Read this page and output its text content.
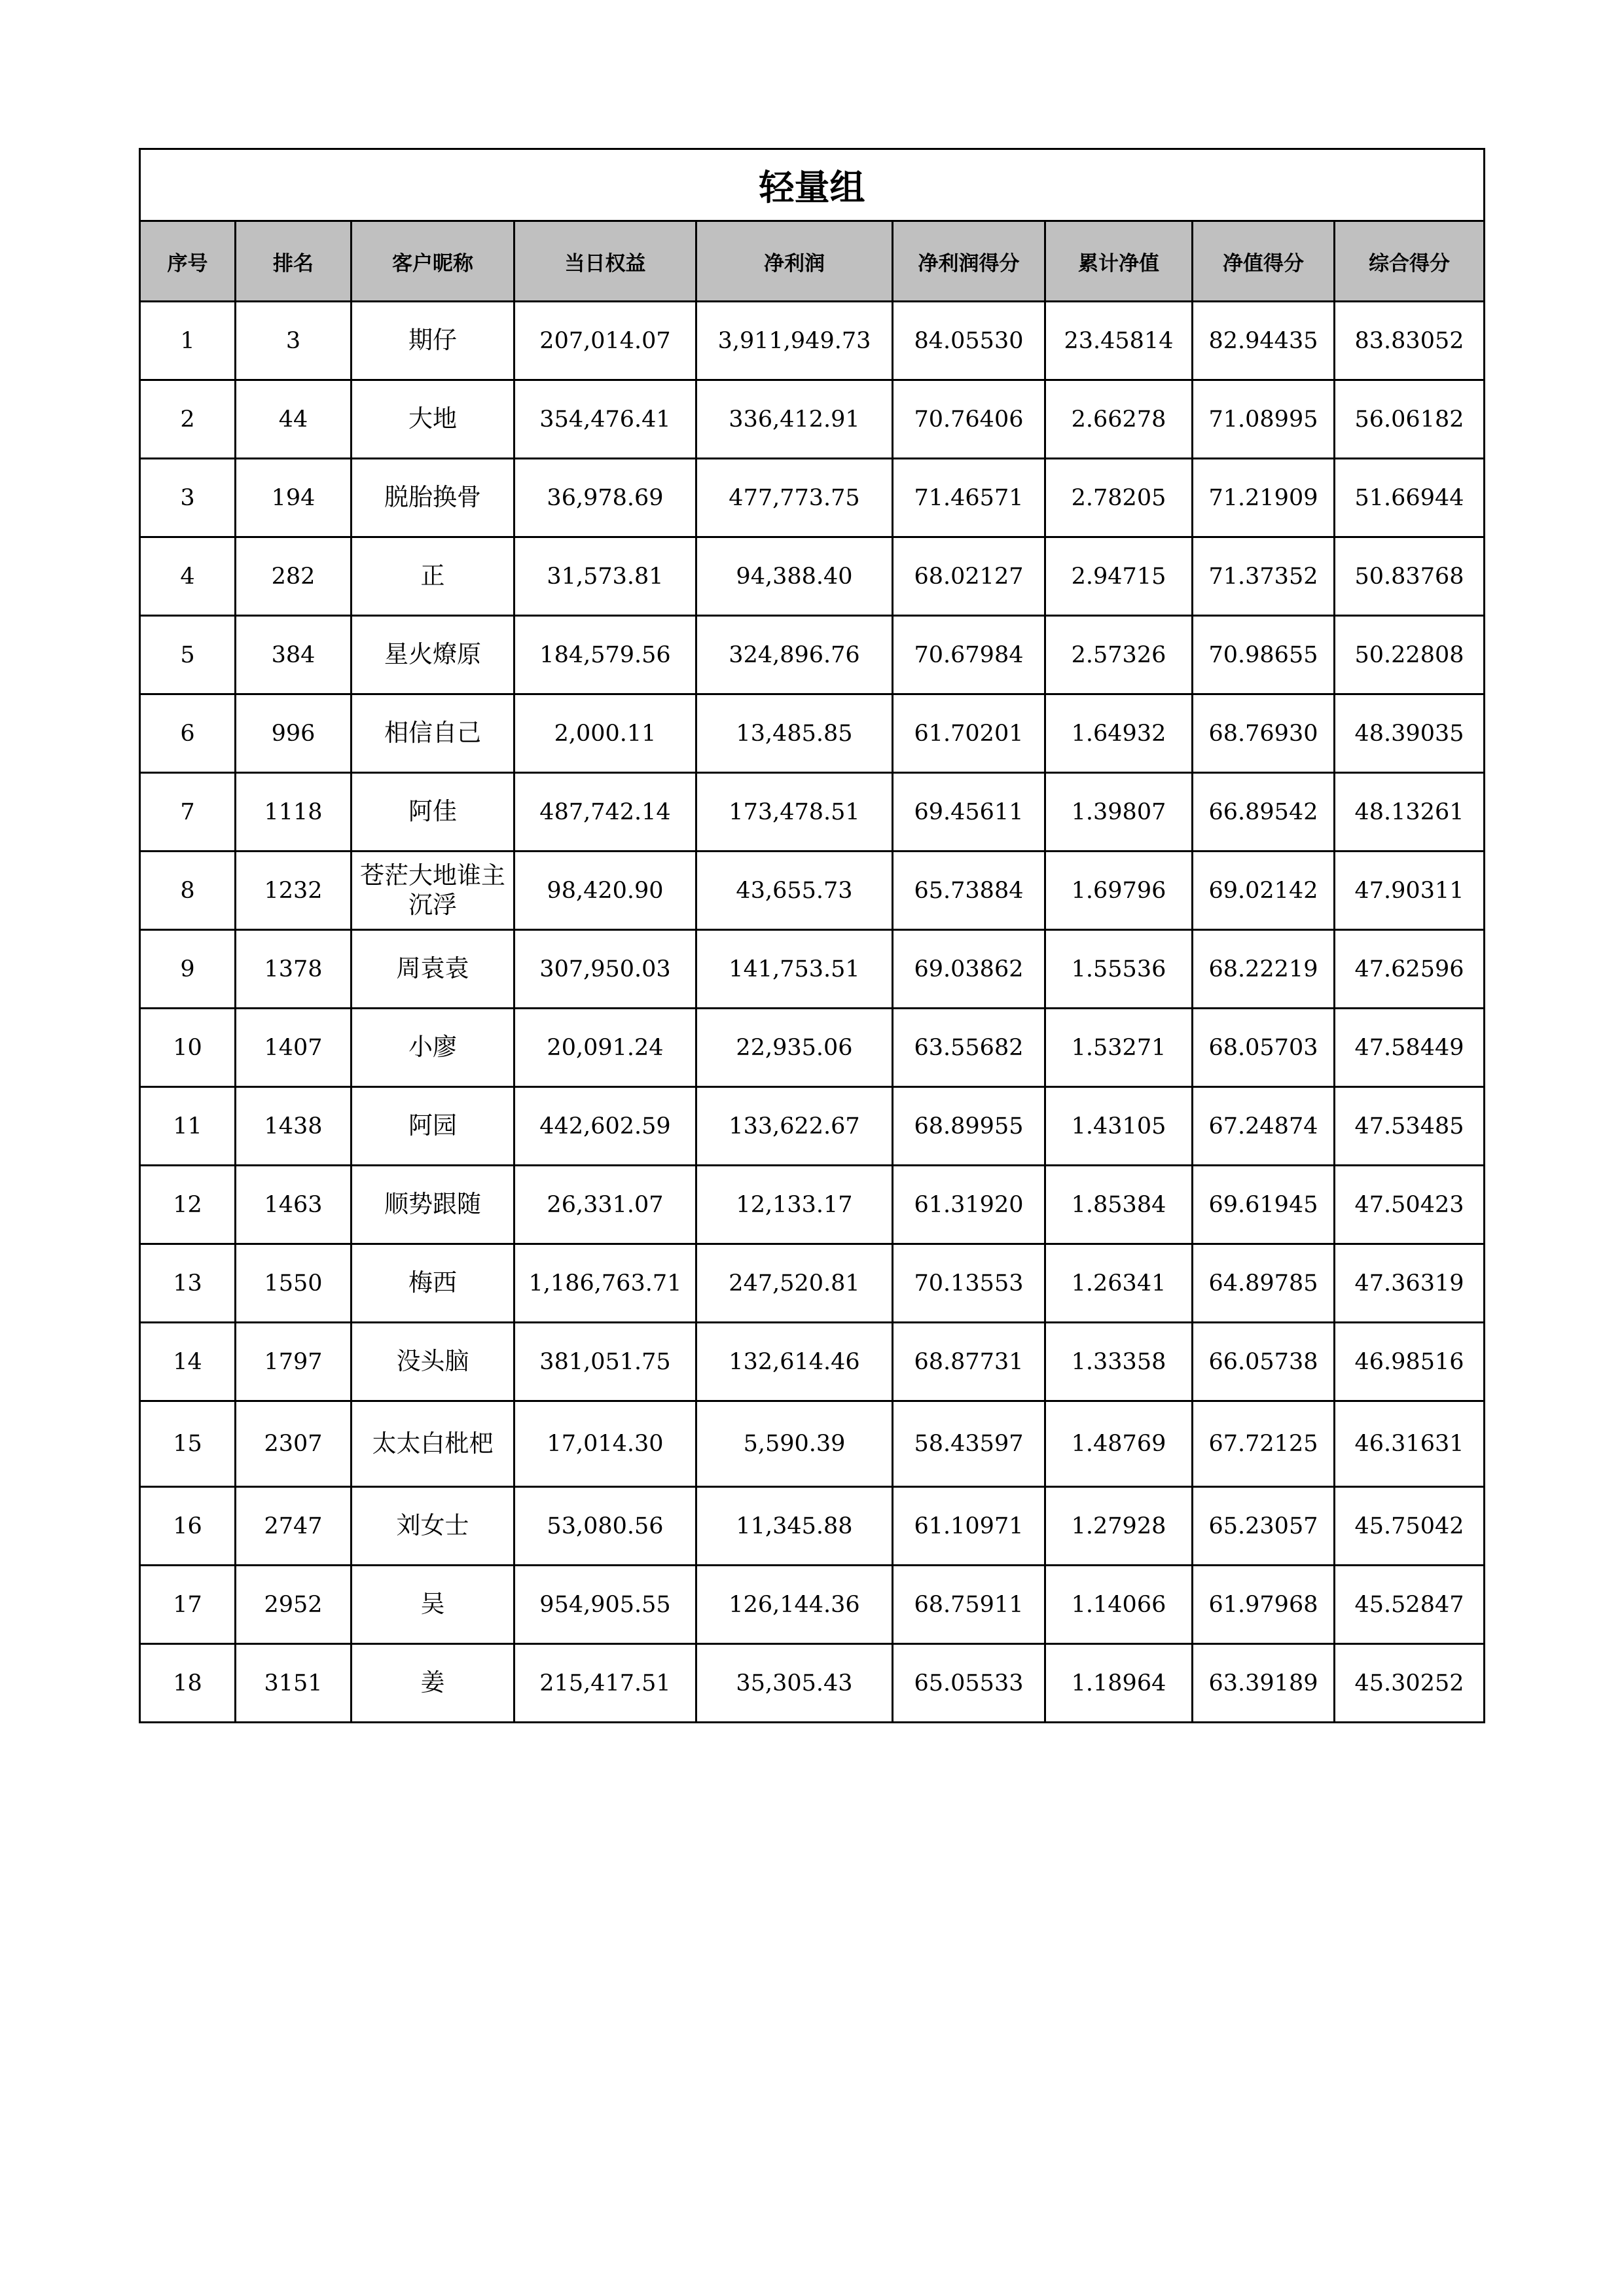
轻量组								
序号	排名	客户昵称	当日权益	净利润	净利润得分	累计净值	净值得分	综合得分
1	3	期仔	207,014.07	3,911,949.73	84.05530	23.45814	82.94435	83.83052
2	44	大地	354,476.41	336,412.91	70.76406	2.66278	71.08995	56.06182
3	194	脱胎换骨	36,978.69	477,773.75	71.46571	2.78205	71.21909	51.66944
4	282	正	31,573.81	94,388.40	68.02127	2.94715	71.37352	50.83768
5	384	星火燎原	184,579.56	324,896.76	70.67984	2.57326	70.98655	50.22808
6	996	相信自己	2,000.11	13,485.85	61.70201	1.64932	68.76930	48.39035
7	1118	阿佳	487,742.14	173,478.51	69.45611	1.39807	66.89542	48.13261
8	1232	苍茫大地谁主沉浮	98,420.90	43,655.73	65.73884	1.69796	69.02142	47.90311
9	1378	周袁袁	307,950.03	141,753.51	69.03862	1.55536	68.22219	47.62596
10	1407	小廖	20,091.24	22,935.06	63.55682	1.53271	68.05703	47.58449
11	1438	阿园	442,602.59	133,622.67	68.89955	1.43105	67.24874	47.53485
12	1463	顺势跟随	26,331.07	12,133.17	61.31920	1.85384	69.61945	47.50423
13	1550	梅西	1,186,763.71	247,520.81	70.13553	1.26341	64.89785	47.36319
14	1797	没头脑	381,051.75	132,614.46	68.87731	1.33358	66.05738	46.98516
15	2307	太太白枇杷	17,014.30	5,590.39	58.43597	1.48769	67.72125	46.31631
16	2747	刘女士	53,080.56	11,345.88	61.10971	1.27928	65.23057	45.75042
17	2952	吴	954,905.55	126,144.36	68.75911	1.14066	61.97968	45.52847
18	3151	姜	215,417.51	35,305.43	65.05533	1.18964	63.39189	45.30252
